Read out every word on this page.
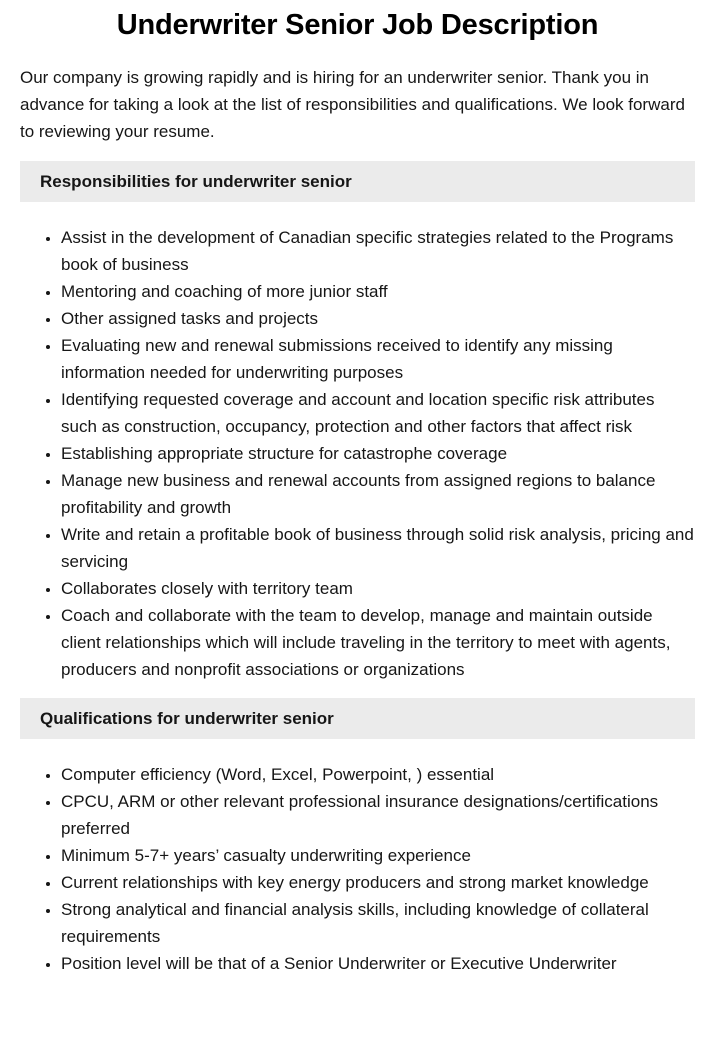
Underwriter Senior Job Description

Our company is growing rapidly and is hiring for an underwriter senior. Thank you in advance for taking a look at the list of responsibilities and qualifications. We look forward to reviewing your resume.

Responsibilities for underwriter senior
• Assist in the development of Canadian specific strategies related to the Programs book of business
• Mentoring and coaching of more junior staff
• Other assigned tasks and projects
• Evaluating new and renewal submissions received to identify any missing information needed for underwriting purposes
• Identifying requested coverage and account and location specific risk attributes such as construction, occupancy, protection and other factors that affect risk
• Establishing appropriate structure for catastrophe coverage
• Manage new business and renewal accounts from assigned regions to balance profitability and growth
• Write and retain a profitable book of business through solid risk analysis, pricing and servicing
• Collaborates closely with territory team
• Coach and collaborate with the team to develop, manage and maintain outside client relationships which will include traveling in the territory to meet with agents, producers and nonprofit associations or organizations
Qualifications for underwriter senior
• Computer efficiency (Word, Excel, Powerpoint, ) essential
• CPCU, ARM or other relevant professional insurance designations/certifications preferred
• Minimum 5-7+ years’ casualty underwriting experience
• Current relationships with key energy producers and strong market knowledge
• Strong analytical and financial analysis skills, including knowledge of collateral requirements
• Position level will be that of a Senior Underwriter or Executive Underwriter
